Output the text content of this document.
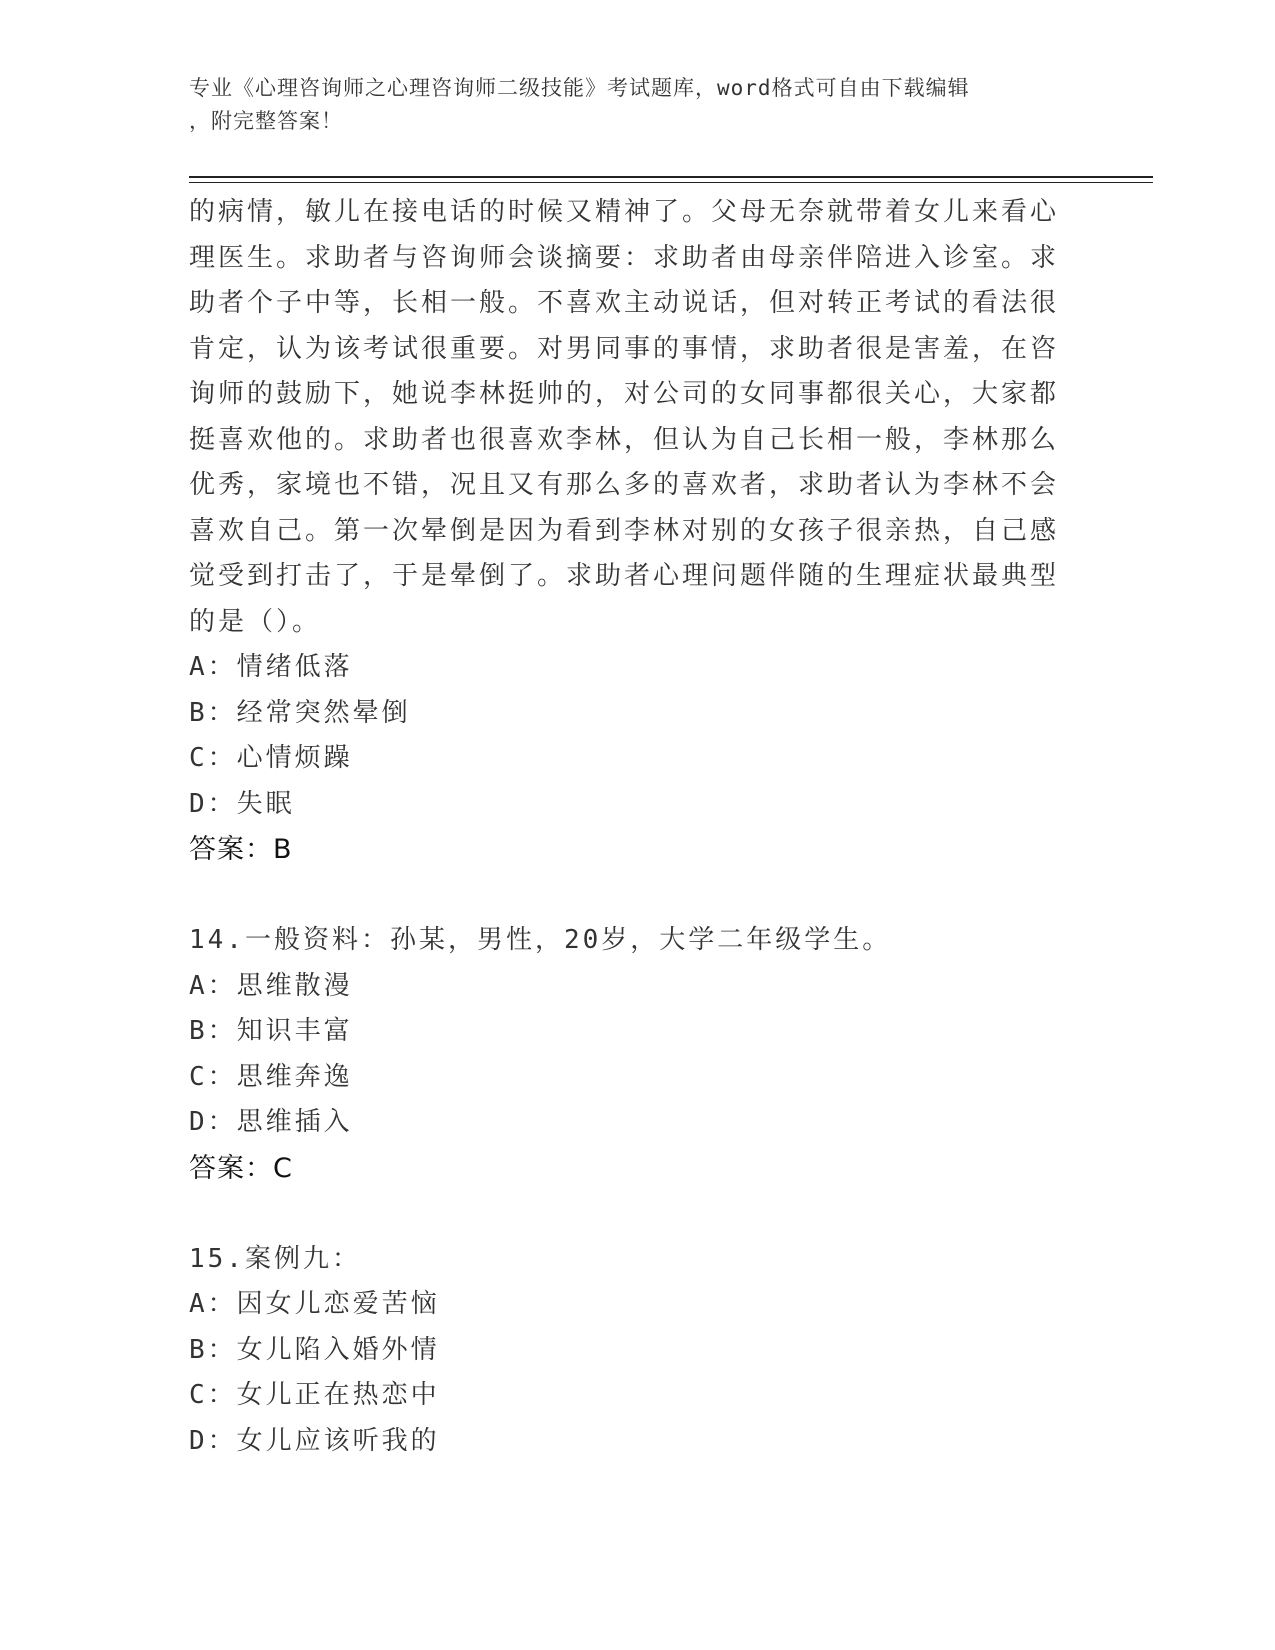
专业《心理咨询师之心理咨询师二级技能》考试题库，word格式可自由下载编辑
，附完整答案！
的病情，敏儿在接电话的时候又精神了。父母无奈就带着女儿来看心
理医生。求助者与咨询师会谈摘要：求助者由母亲伴陪进入诊室。求
助者个子中等，长相一般。不喜欢主动说话，但对转正考试的看法很
肯定，认为该考试很重要。对男同事的事情，求助者很是害羞，在咨
询师的鼓励下，她说李林挺帅的，对公司的女同事都很关心，大家都
挺喜欢他的。求助者也很喜欢李林，但认为自己长相一般，李林那么
优秀，家境也不错，况且又有那么多的喜欢者，求助者认为李林不会
喜欢自己。第一次晕倒是因为看到李林对别的女孩子很亲热，自己感
觉受到打击了，于是晕倒了。求助者心理问题伴随的生理症状最典型
的是（）。
A：情绪低落
B：经常突然晕倒
C：心情烦躁
D：失眠
答案：B
14.一般资料：孙某，男性，20岁，大学二年级学生。
A：思维散漫
B：知识丰富
C：思维奔逸
D：思维插入
答案：C
15.案例九：
A：因女儿恋爱苦恼
B：女儿陷入婚外情
C：女儿正在热恋中
D：女儿应该听我的
